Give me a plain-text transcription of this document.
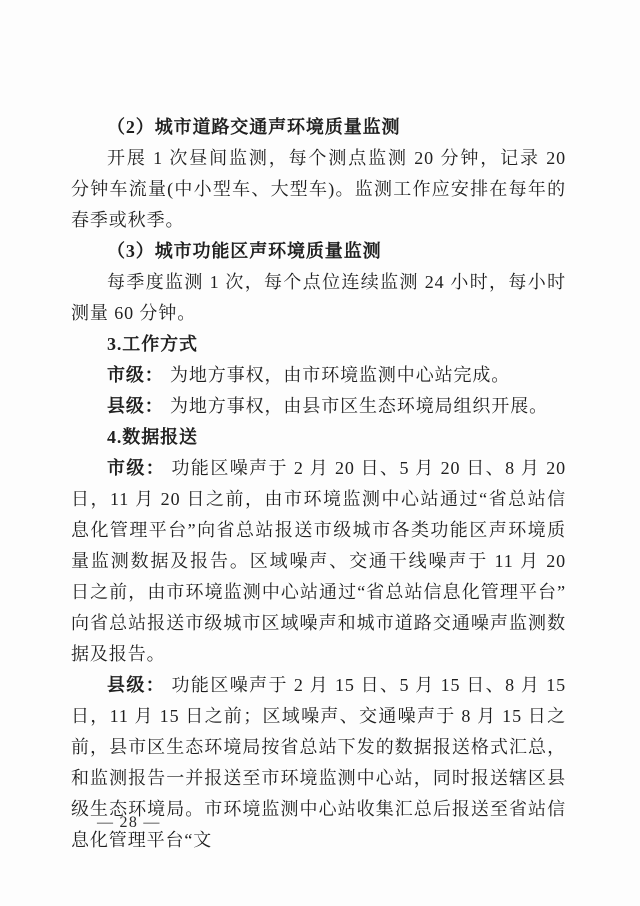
（2）城市道路交通声环境质量监测

开展 1 次昼间监测，每个测点监测 20 分钟，记录 20 分钟车流量(中小型车、大型车)。监测工作应安排在每年的春季或秋季。

（3）城市功能区声环境质量监测

每季度监测 1 次，每个点位连续监测 24 小时，每小时测量 60 分钟。

3.工作方式

市级： 为地方事权，由市环境监测中心站完成。

县级： 为地方事权，由县市区生态环境局组织开展。

4.数据报送

市级： 功能区噪声于 2 月 20 日、5 月 20 日、8 月 20 日，11 月 20 日之前，由市环境监测中心站通过“省总站信息化管理平台”向省总站报送市级城市各类功能区声环境质量监测数据及报告。区域噪声、交通干线噪声于 11 月 20 日之前，由市环境监测中心站通过“省总站信息化管理平台”向省总站报送市级城市区域噪声和城市道路交通噪声监测数据及报告。

县级： 功能区噪声于 2 月 15 日、5 月 15 日、8 月 15 日，11 月 15 日之前；区域噪声、交通噪声于 8 月 15 日之前，县市区生态环境局按省总站下发的数据报送格式汇总，和监测报告一并报送至市环境监测中心站，同时报送辖区县级生态环境局。市环境监测中心站收集汇总后报送至省站信息化管理平台“文

— 28 —
